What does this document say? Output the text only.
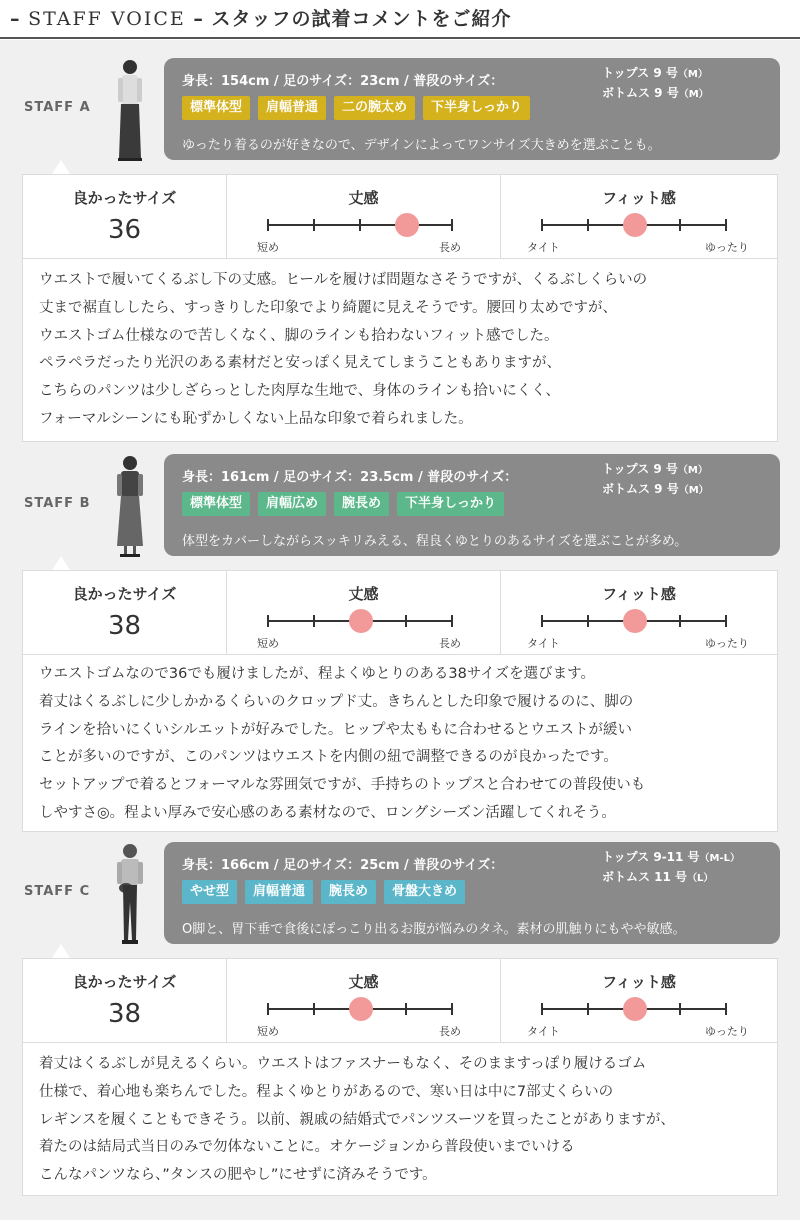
– STAFF VOICE – スタッフの試着コメントをご紹介
STAFF A
身長：154cm / 足のサイズ：23cm / 普段のサイズ：
トップス 9 号（M）
ボトムス 9 号（M）
標準体型	肩幅普通	二の腕太め	下半身しっかり
ゆったり着るのが好きなので、デザインによってワンサイズ大きめを選ぶことも。
良かったサイズ
36
丈感
短め	長め
フィット感
タイト	ゆったり
ウエストで履いてくるぶし下の丈感。ヒールを履けば問題なさそうですが、くるぶしくらいの
丈まで裾直ししたら、すっきりした印象でより綺麗に見えそうです。腰回り太めですが、
ウエストゴム仕様なので苦しくなく、脚のラインも拾わないフィット感でした。
ペラペラだったり光沢のある素材だと安っぽく見えてしまうこともありますが、
こちらのパンツは少しざらっとした肉厚な生地で、身体のラインも拾いにくく、
フォーマルシーンにも恥ずかしくない上品な印象で着られました。
STAFF B
身長：161cm / 足のサイズ：23.5cm / 普段のサイズ：
トップス 9 号（M）
ボトムス 9 号（M）
標準体型	肩幅広め	腕長め	下半身しっかり
体型をカバーしながらスッキリみえる、程良くゆとりのあるサイズを選ぶことが多め。
良かったサイズ
38
丈感
短め	長め
フィット感
タイト	ゆったり
ウエストゴムなので36でも履けましたが、程よくゆとりのある38サイズを選びます。
着丈はくるぶしに少しかかるくらいのクロップド丈。きちんとした印象で履けるのに、脚の
ラインを拾いにくいシルエットが好みでした。ヒップや太ももに合わせるとウエストが緩い
ことが多いのですが、このパンツはウエストを内側の紐で調整できるのが良かったです。
セットアップで着るとフォーマルな雰囲気ですが、手持ちのトップスと合わせての普段使いも
しやすさ◎。程よい厚みで安心感のある素材なので、ロングシーズン活躍してくれそう。
STAFF C
身長：166cm / 足のサイズ：25cm / 普段のサイズ：
トップス 9-11 号（M-L）
ボトムス 11 号（L）
やせ型	肩幅普通	腕長め	骨盤大きめ
O脚と、胃下垂で食後にぽっこり出るお腹が悩みのタネ。素材の肌触りにもやや敏感。
良かったサイズ
38
丈感
短め	長め
フィット感
タイト	ゆったり
着丈はくるぶしが見えるくらい。ウエストはファスナーもなく、そのまますっぽり履けるゴム
仕様で、着心地も楽ちんでした。程よくゆとりがあるので、寒い日は中に7部丈くらいの
レギンスを履くこともできそう。以前、親戚の結婚式でパンツスーツを買ったことがありますが、
着たのは結局式当日のみで勿体ないことに。オケージョンから普段使いまでいける
こんなパンツなら、”タンスの肥やし”にせずに済みそうです。
